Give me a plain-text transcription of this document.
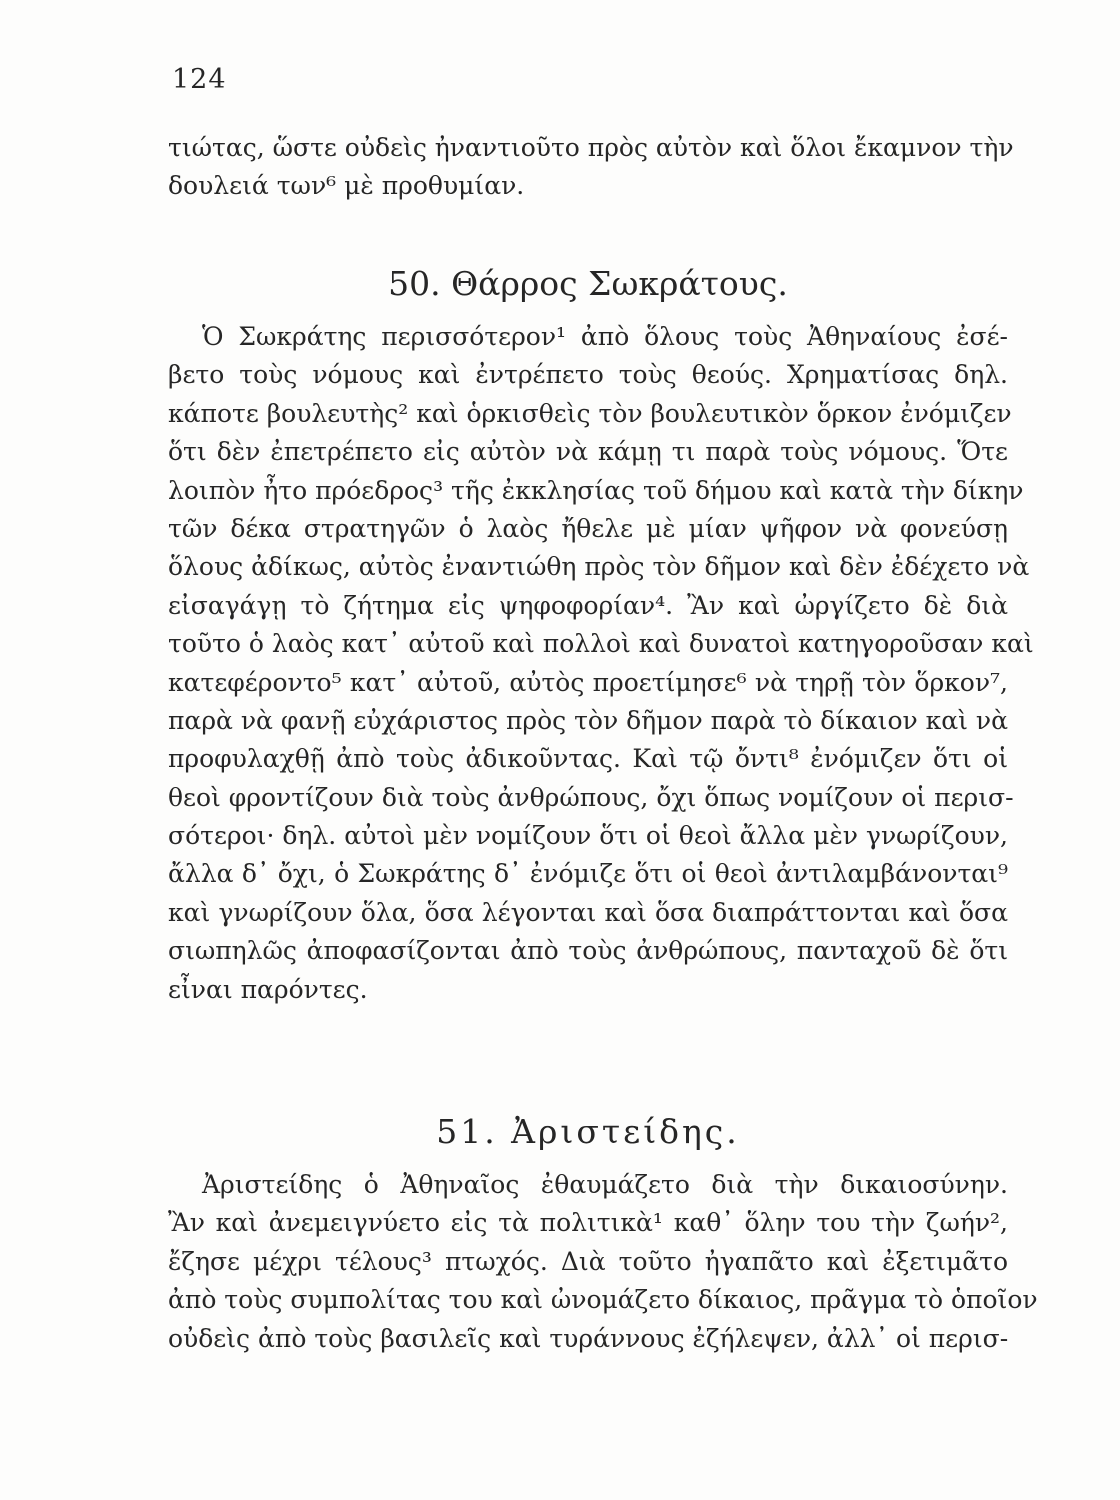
124
τιώτας, ὥστε οὐδεὶς ἠναντιοῦτο πρὸς αὐτὸν καὶ ὅλοι ἔκαμνον τὴν
δουλειά των⁶ μὲ προθυμίαν.
50. Θάρρος Σωκράτους.
Ὁ Σωκράτης περισσότερον¹ ἀπὸ ὅλους τοὺς Ἀθηναίους ἐσέ-
βετο τοὺς νόμους καὶ ἐντρέπετο τοὺς θεούς. Χρηματίσας δηλ.
κάποτε βουλευτὴς² καὶ ὁρκισθεὶς τὸν βουλευτικὸν ὅρκον ἐνόμιζεν
ὅτι δὲν ἐπετρέπετο εἰς αὐτὸν νὰ κάμῃ τι παρὰ τοὺς νόμους. Ὅτε
λοιπὸν ἦτο πρόεδρος³ τῆς ἐκκλησίας τοῦ δήμου καὶ κατὰ τὴν δίκην
τῶν δέκα στρατηγῶν ὁ λαὸς ἤθελε μὲ μίαν ψῆφον νὰ φονεύσῃ
ὅλους ἀδίκως, αὐτὸς ἐναντιώθη πρὸς τὸν δῆμον καὶ δὲν ἐδέχετο νὰ
εἰσαγάγῃ τὸ ζήτημα εἰς ψηφοφορίαν⁴. Ἂν καὶ ὠργίζετο δὲ διὰ
τοῦτο ὁ λαὸς κατ᾽ αὐτοῦ καὶ πολλοὶ καὶ δυνατοὶ κατηγοροῦσαν καὶ
κατεφέροντο⁵ κατ᾽ αὐτοῦ, αὐτὸς προετίμησε⁶ νὰ τηρῇ τὸν ὅρκον⁷,
παρὰ νὰ φανῇ εὐχάριστος πρὸς τὸν δῆμον παρὰ τὸ δίκαιον καὶ νὰ
προφυλαχθῇ ἀπὸ τοὺς ἀδικοῦντας. Καὶ τῷ ὄντι⁸ ἐνόμιζεν ὅτι οἱ
θεοὶ φροντίζουν διὰ τοὺς ἀνθρώπους, ὄχι ὅπως νομίζουν οἱ περισ-
σότεροι· δηλ. αὐτοὶ μὲν νομίζουν ὅτι οἱ θεοὶ ἄλλα μὲν γνωρίζουν,
ἄλλα δ᾽ ὄχι, ὁ Σωκράτης δ᾽ ἐνόμιζε ὅτι οἱ θεοὶ ἀντιλαμβάνονται⁹
καὶ γνωρίζουν ὅλα, ὅσα λέγονται καὶ ὅσα διαπράττονται καὶ ὅσα
σιωπηλῶς ἀποφασίζονται ἀπὸ τοὺς ἀνθρώπους, πανταχοῦ δὲ ὅτι
εἶναι παρόντες.
51. Ἀριστείδης.
Ἀριστείδης ὁ Ἀθηναῖος ἐθαυμάζετο διὰ τὴν δικαιοσύνην.
Ἂν καὶ ἀνεμειγνύετο εἰς τὰ πολιτικὰ¹ καθ᾽ ὅλην του τὴν ζωήν²,
ἔζησε μέχρι τέλους³ πτωχός. Διὰ τοῦτο ἠγαπᾶτο καὶ ἐξετιμᾶτο
ἀπὸ τοὺς συμπολίτας του καὶ ὠνομάζετο δίκαιος, πρᾶγμα τὸ ὁποῖον
οὐδεὶς ἀπὸ τοὺς βασιλεῖς καὶ τυράννους ἐζήλεψεν, ἀλλ᾽ οἱ περισ-
